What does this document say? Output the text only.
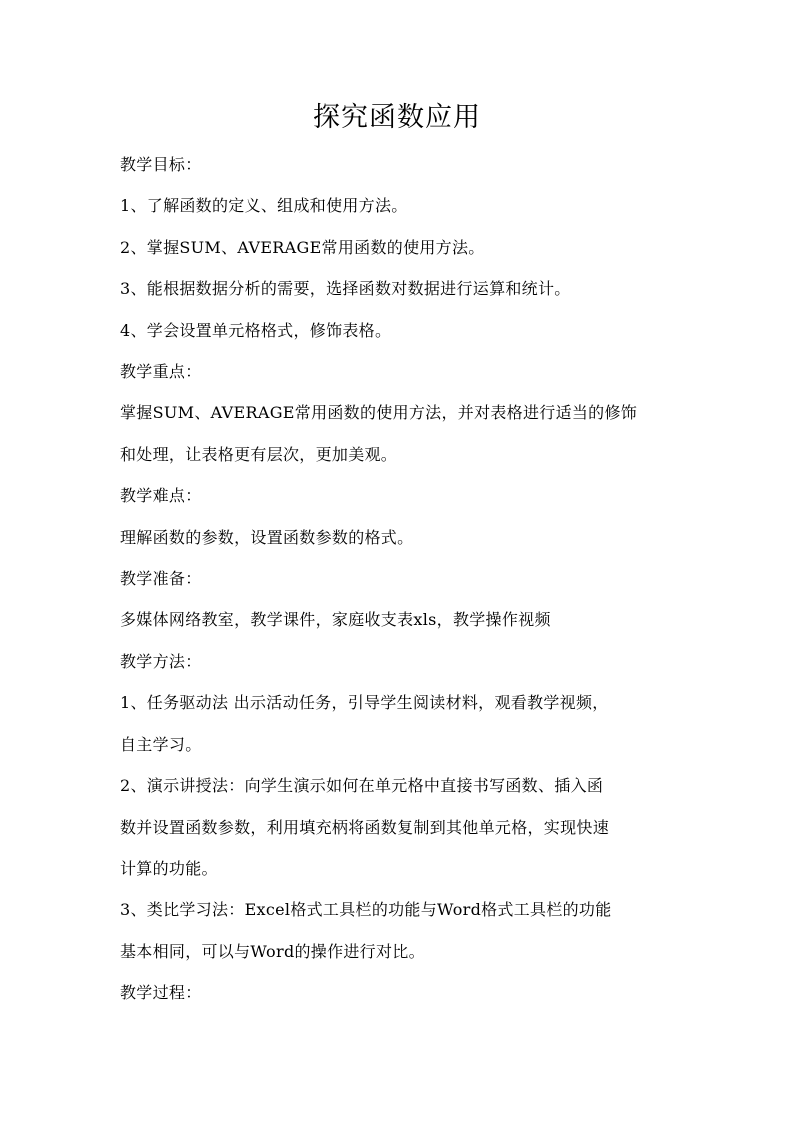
探究函数应用

教学目标：

1、了解函数的定义、组成和使用方法。

2、掌握SUM、AVERAGE常用函数的使用方法。

3、能根据数据分析的需要，选择函数对数据进行运算和统计。

4、学会设置单元格格式，修饰表格。

教学重点：

掌握SUM、AVERAGE常用函数的使用方法，并对表格进行适当的修饰

和处理，让表格更有层次，更加美观。

教学难点：

理解函数的参数，设置函数参数的格式。

教学准备：

多媒体网络教室，教学课件，家庭收支表xls，教学操作视频

教学方法：

1、任务驱动法 出示活动任务，引导学生阅读材料，观看教学视频，

自主学习。

2、演示讲授法：向学生演示如何在单元格中直接书写函数、插入函

数并设置函数参数，利用填充柄将函数复制到其他单元格，实现快速

计算的功能。

3、类比学习法：Excel格式工具栏的功能与Word格式工具栏的功能

基本相同，可以与Word的操作进行对比。

教学过程：
